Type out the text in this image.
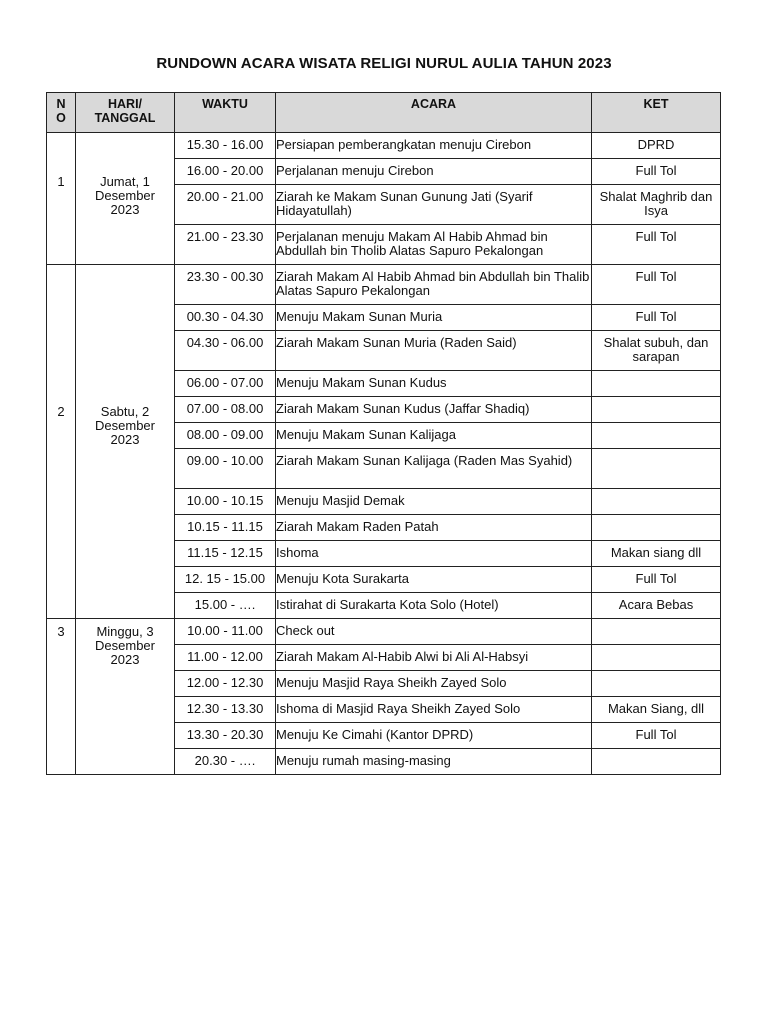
RUNDOWN ACARA WISATA RELIGI NURUL AULIA TAHUN 2023
NO	HARI/ TANGGAL	WAKTU	ACARA	KET
1	Jumat, 1 Desember 2023	15.30 - 16.00	Persiapan pemberangkatan menuju Cirebon	DPRD
		16.00 - 20.00	Perjalanan menuju Cirebon	Full Tol
		20.00 - 21.00	Ziarah ke Makam Sunan Gunung Jati (Syarif Hidayatullah)	Shalat Maghrib dan Isya
		21.00 - 23.30	Perjalanan menuju Makam Al Habib Ahmad bin Abdullah bin Tholib Alatas Sapuro Pekalongan	Full Tol
2	Sabtu, 2 Desember 2023	23.30 - 00.30	Ziarah Makam Al Habib Ahmad bin Abdullah bin Thalib Alatas Sapuro Pekalongan	Full Tol
		00.30 - 04.30	Menuju Makam Sunan Muria	Full Tol
		04.30 - 06.00	Ziarah Makam Sunan Muria (Raden Said)	Shalat subuh, dan sarapan
		06.00 - 07.00	Menuju Makam Sunan Kudus	
		07.00 - 08.00	Ziarah Makam Sunan Kudus (Jaffar Shadiq)	
		08.00 - 09.00	Menuju Makam Sunan Kalijaga	
		09.00 - 10.00	Ziarah Makam Sunan Kalijaga (Raden Mas Syahid)	
		10.00 - 10.15	Menuju Masjid Demak	
		10.15 - 11.15	Ziarah Makam Raden Patah	
		11.15 - 12.15	Ishoma	Makan siang dll
		12. 15 - 15.00	Menuju Kota Surakarta	Full Tol
		15.00 - ….	Istirahat di Surakarta Kota Solo (Hotel)	Acara Bebas
3	Minggu, 3 Desember 2023	10.00 - 11.00	Check out	
		11.00 - 12.00	Ziarah Makam Al-Habib Alwi bi Ali Al-Habsyi	
		12.00 - 12.30	Menuju Masjid Raya Sheikh Zayed Solo	
		12.30 - 13.30	Ishoma di Masjid Raya Sheikh Zayed Solo	Makan Siang, dll
		13.30 - 20.30	Menuju Ke Cimahi (Kantor DPRD)	Full Tol
		20.30 - ….	Menuju rumah masing-masing	
